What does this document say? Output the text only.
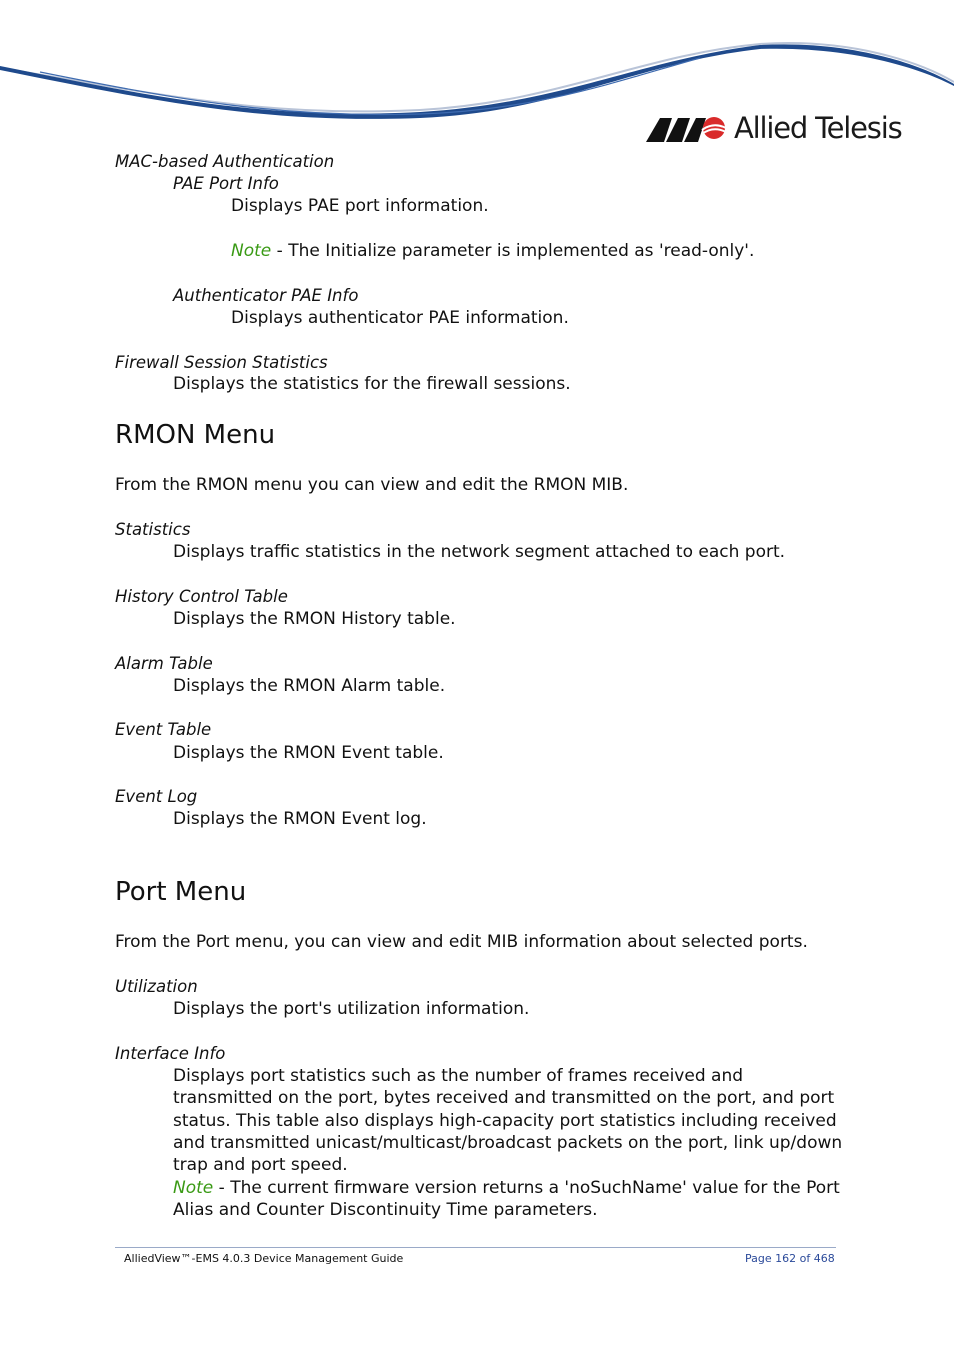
Allied Telesis
MAC-based Authentication
PAE Port Info
Displays PAE port information.
Note - The Initialize parameter is implemented as 'read-only'.
Authenticator PAE Info
Displays authenticator PAE information.
Firewall Session Statistics
Displays the statistics for the firewall sessions.
RMON Menu
From the RMON menu you can view and edit the RMON MIB.
Statistics
Displays traffic statistics in the network segment attached to each port.
History Control Table
Displays the RMON History table.
Alarm Table
Displays the RMON Alarm table.
Event Table
Displays the RMON Event table.
Event Log
Displays the RMON Event log.
Port Menu
From the Port menu, you can view and edit MIB information about selected ports.
Utilization
Displays the port's utilization information.
Interface Info
Displays port statistics such as the number of frames received and transmitted on the port, bytes received and transmitted on the port, and port status. This table also displays high-capacity port statistics including received and transmitted unicast/multicast/broadcast packets on the port, link up/down trap and port speed.
Note - The current firmware version returns a 'noSuchName' value for the Port Alias and Counter Discontinuity Time parameters.
AlliedView™-EMS 4.0.3 Device Management Guide	Page 162 of 468
